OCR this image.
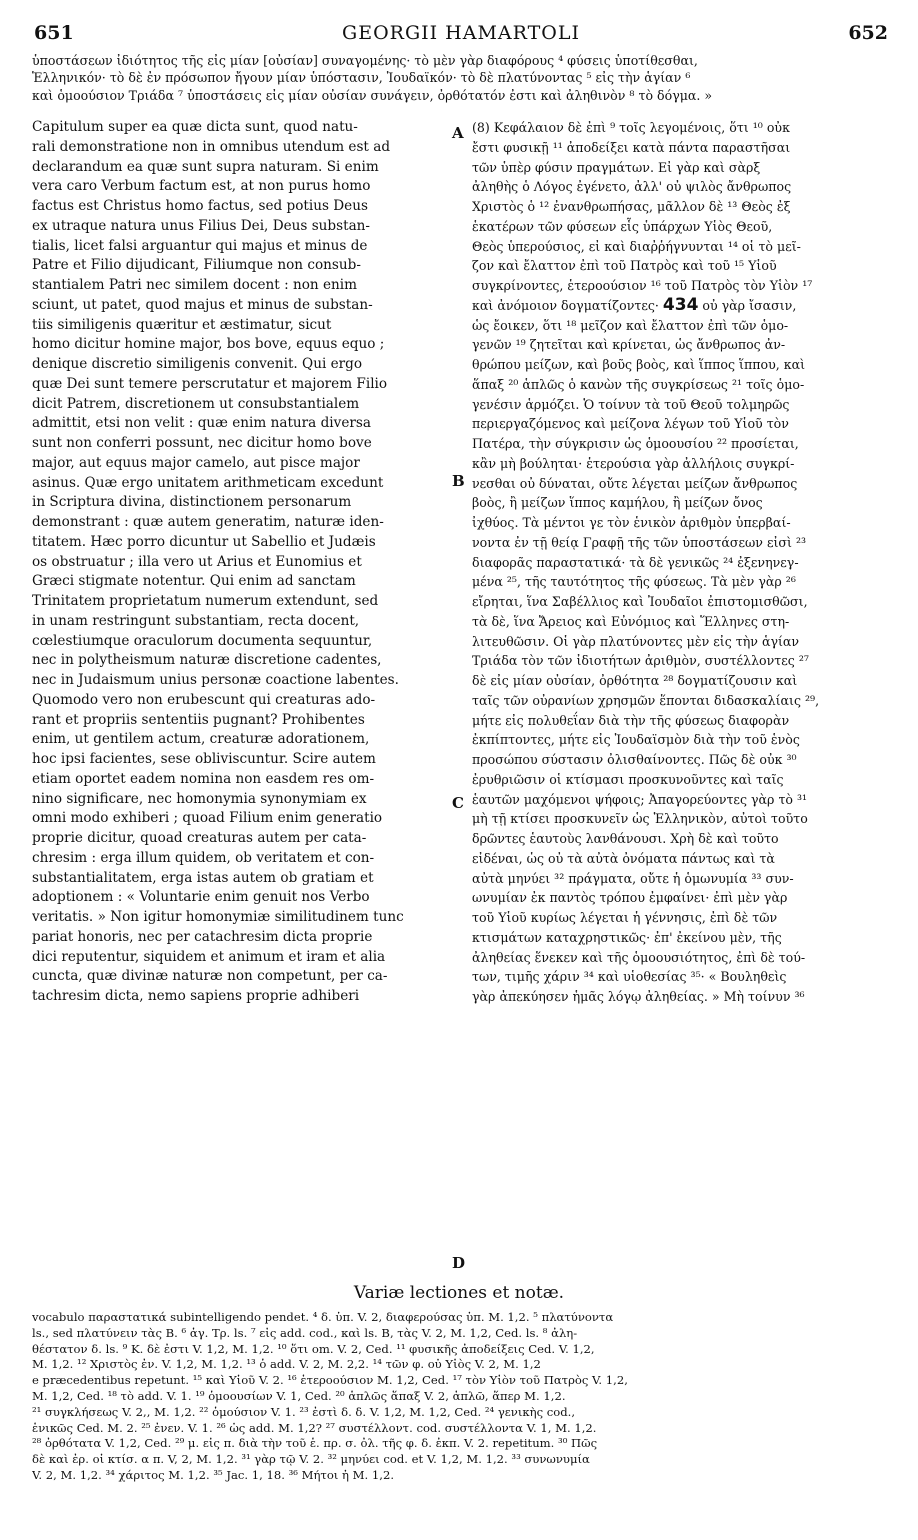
651	GEORGII HAMARTOLI	652
ὑποστάσεων ἰδιότητος τῆς εἰς μίαν [οὐσίαν] συναγομένης· τὸ μὲν γὰρ διαφόρους ⁴ φύσεις ὑποτίθεσθαι,
Ἑλληνικόν· τὸ δὲ ἐν πρόσωπον ἤγουν μίαν ὑπόστασιν, Ἰουδαϊκόν· τὸ δὲ πλατύνοντας ⁵ εἰς τὴν ἁγίαν ⁶
καὶ ὁμοούσιον Τριάδα ⁷ ὑποστάσεις εἰς μίαν οὐσίαν συνάγειν, ὀρθότατόν ἐστι καὶ ἀληθινὸν ⁸ τὸ δόγμα. »
A
B
C
D
Capitulum super ea quæ dicta sunt, quod natu-
rali demonstratione non in omnibus utendum est ad
declarandum ea quæ sunt supra naturam. Si enim
vera caro Verbum factum est, at non purus homo
factus est Christus homo factus, sed potius Deus
ex utraque natura unus Filius Dei, Deus substan-
tialis, licet falsi arguantur qui majus et minus de
Patre et Filio dijudicant, Filiumque non consub-
stantialem Patri nec similem docent : non enim
sciunt, ut patet, quod majus et minus de substan-
tiis similigenis quæritur et æstimatur, sicut
homo dicitur homine major, bos bove, equus equo ;
denique discretio similigenis convenit. Qui ergo
quæ Dei sunt temere perscrutatur et majorem Filio
dicit Patrem, discretionem ut consubstantialem
admittit, etsi non velit : quæ enim natura diversa
sunt non conferri possunt, nec dicitur homo bove
major, aut equus major camelo, aut pisce major
asinus. Quæ ergo unitatem arithmeticam excedunt
in Scriptura divina, distinctionem personarum
demonstrant : quæ autem generatim, naturæ iden-
titatem. Hæc porro dicuntur ut Sabellio et Judæis
os obstruatur ; illa vero ut Arius et Eunomius et
Græci stigmate notentur. Qui enim ad sanctam
Trinitatem proprietatum numerum extendunt, sed
in unam restringunt substantiam, recta docent,
cœlestiumque oraculorum documenta sequuntur,
nec in polytheismum naturæ discretione cadentes,
nec in Judaismum unius personæ coactione labentes.
Quomodo vero non erubescunt qui creaturas ado-
rant et propriis sententiis pugnant? Prohibentes
enim, ut gentilem actum, creaturæ adorationem,
hoc ipsi facientes, sese obliviscuntur. Scire autem
etiam oportet eadem nomina non easdem res om-
nino significare, nec homonymia synonymiam ex
omni modo exhiberi ; quoad Filium enim generatio
proprie dicitur, quoad creaturas autem per cata-
chresim : erga illum quidem, ob veritatem et con-
substantialitatem, erga istas autem ob gratiam et
adoptionem : « Voluntarie enim genuit nos Verbo
veritatis. » Non igitur homonymiæ similitudinem tunc
pariat honoris, nec per catachresim dicta proprie
dici reputentur, siquidem et animum et iram et alia
cuncta, quæ divinæ naturæ non competunt, per ca-
tachresim dicta, nemo sapiens proprie adhiberi
(8) Κεφάλαιον δὲ ἐπὶ ⁹ τοῖς λεγομένοις, ὅτι ¹⁰ οὐκ
ἔστι φυσικῇ ¹¹ ἀποδείξει κατὰ πάντα παραστῆσαι
τῶν ὑπὲρ φύσιν πραγμάτων. Εἰ γὰρ καὶ σὰρξ
ἀληθὴς ὁ Λόγος ἐγένετο, ἀλλ' οὐ ψιλὸς ἄνθρωπος
Χριστὸς ὁ ¹² ἐνανθρωπήσας, μᾶλλον δὲ ¹³ Θεὸς ἐξ
ἑκατέρων τῶν φύσεων εἷς ὑπάρχων Υἱὸς Θεοῦ,
Θεὸς ὑπερούσιος, εἰ καὶ διαῤῥήγνυνται ¹⁴ οἱ τὸ μεῖ-
ζον καὶ ἔλαττον ἐπὶ τοῦ Πατρὸς καὶ τοῦ ¹⁵ Υἱοῦ
συγκρίνοντες, ἑτεροούσιον ¹⁶ τοῦ Πατρὸς τὸν Υἱὸν ¹⁷
καὶ ἀνόμοιον δογματίζοντες· 434 οὐ γὰρ ἴσασιν,
ὡς ἔοικεν, ὅτι ¹⁸ μεῖζον καὶ ἔλαττον ἐπὶ τῶν ὁμο-
γενῶν ¹⁹ ζητεῖται καὶ κρίνεται, ὡς ἄνθρωπος ἀν-
θρώπου μείζων, καὶ βοῦς βοὸς, καὶ ἵππος ἵππου, καὶ
ἅπαξ ²⁰ ἁπλῶς ὁ κανὼν τῆς συγκρίσεως ²¹ τοῖς ὁμο-
γενέσιν ἁρμόζει. Ὁ τοίνυν τὰ τοῦ Θεοῦ τολμηρῶς
περιεργαζόμενος καὶ μείζονα λέγων τοῦ Υἱοῦ τὸν
Πατέρα, τὴν σύγκρισιν ὡς ὁμοουσίου ²² προσίεται,
κἂν μὴ βούληται· ἑτερούσια γὰρ ἀλλήλοις συγκρί-
νεσθαι οὐ δύναται, οὔτε λέγεται μείζων ἄνθρωπος
βοὸς, ἢ μείζων ἵππος καμήλου, ἢ μείζων ὄνος
ἰχθύος. Τὰ μέντοι γε τὸν ἑνικὸν ἀριθμὸν ὑπερβαί-
νοντα ἐν τῇ θείᾳ Γραφῇ τῆς τῶν ὑποστάσεων εἰσὶ ²³
διαφορᾶς παραστατικά· τὰ δὲ γενικῶς ²⁴ ἐξενηνεγ-
μένα ²⁵, τῆς ταυτότητος τῆς φύσεως. Τὰ μὲν γὰρ ²⁶
εἴρηται, ἵνα Σαβέλλιος καὶ Ἰουδαῖοι ἐπιστομισθῶσι,
τὰ δὲ, ἵνα Ἄρειος καὶ Εὐνόμιος καὶ Ἕλληνες στη-
λιτευθῶσιν. Οἱ γὰρ πλατύνοντες μὲν εἰς τὴν ἁγίαν
Τριάδα τὸν τῶν ἰδιοτήτων ἀριθμὸν, συστέλλοντες ²⁷
δὲ εἰς μίαν οὐσίαν, ὀρθότητα ²⁸ δογματίζουσιν καὶ
ταῖς τῶν οὐρανίων χρησμῶν ἕπονται διδασκαλίαις ²⁹,
μήτε εἰς πολυθεΐαν διὰ τὴν τῆς φύσεως διαφορὰν
ἐκπίπτοντες, μήτε εἰς Ἰουδαϊσμὸν διὰ τὴν τοῦ ἑνὸς
προσώπου σύστασιν ὀλισθαίνοντες. Πῶς δὲ οὐκ ³⁰
ἐρυθριῶσιν οἱ κτίσμασι προσκυνοῦντες καὶ ταῖς
ἑαυτῶν μαχόμενοι ψήφοις; Ἀπαγορεύοντες γὰρ τὸ ³¹
μὴ τῇ κτίσει προσκυνεῖν ὡς Ἑλληνικὸν, αὐτοὶ τοῦτο
δρῶντες ἑαυτοὺς λανθάνουσι. Χρὴ δὲ καὶ τοῦτο
εἰδέναι, ὡς οὐ τὰ αὐτὰ ὀνόματα πάντως καὶ τὰ
αὐτὰ μηνύει ³² πράγματα, οὔτε ἡ ὁμωνυμία ³³ συν-
ωνυμίαν ἐκ παντὸς τρόπου ἐμφαίνει· ἐπὶ μὲν γὰρ
τοῦ Υἱοῦ κυρίως λέγεται ἡ γέννησις, ἐπὶ δὲ τῶν
κτισμάτων καταχρηστικῶς· ἐπ' ἐκείνου μὲν, τῆς
ἀληθείας ἕνεκεν καὶ τῆς ὁμοουσιότητος, ἐπὶ δὲ τού-
των, τιμῆς χάριν ³⁴ καὶ υἱοθεσίας ³⁵· « Βουληθεὶς
γὰρ ἀπεκύησεν ἡμᾶς λόγῳ ἀληθείας. » Μὴ τοίνυν ³⁶
Variæ lectiones et notæ.
vocabulo παραστατικά subintelligendo pendet. ⁴ δ. ὑπ. V. 2, διαφερούσας ὑπ. M. 1,2. ⁵ πλατύνοντα
ls., sed πλατύνειν τὰς B. ⁶ ἁγ. Τρ. ls. ⁷ εἰς add. cod., καὶ ls. B, τὰς V. 2, M. 1,2, Ced. ls. ⁸ ἀλη-
θέστατον δ. ls. ⁹ K. δὲ ἐστι V. 1,2, M. 1,2. ¹⁰ ὅτι om. V. 2, Ced. ¹¹ φυσικῆς ἀποδείξεις Ced. V. 1,2,
M. 1,2. ¹² Χριστὸς ἐν. V. 1,2, M. 1,2. ¹³ ὁ add. V. 2, M. 2,2. ¹⁴ τῶν φ. οὐ Υἱὸς V. 2, M. 1,2
e præcedentibus repetunt. ¹⁵ καὶ Υἱοῦ V. 2. ¹⁶ ἑτεροούσιον M. 1,2, Ced. ¹⁷ τὸν Υἱὸν τοῦ Πατρὸς V. 1,2,
M. 1,2, Ced. ¹⁸ τὸ add. V. 1. ¹⁹ ὁμοουσίων V. 1, Ced. ²⁰ ἁπλῶς ἅπαξ V. 2, ἁπλῶ, ἅπερ M. 1,2.
²¹ συγκλήσεως V. 2,, M. 1,2. ²² ὁμούσιον V. 1. ²³ ἐστὶ δ. δ. V. 1,2, M. 1,2, Ced. ²⁴ γενικὴς cod.,
ἑνικῶς Ced. M. 2. ²⁵ ἐνεν. V. 1. ²⁶ ὡς add. M. 1,2? ²⁷ συστέλλοντ. cod. συστέλλοντα V. 1, M. 1,2.
²⁸ ὀρθότατα V. 1,2, Ced. ²⁹ μ. εἰς π. διὰ τὴν τοῦ ἑ. πρ. σ. ὀλ. τῆς φ. δ. ἐκπ. V. 2. repetitum. ³⁰ Πῶς
δὲ καὶ ἐρ. οἱ κτίσ. α π. V, 2, M. 1,2. ³¹ γὰρ τῷ V. 2. ³² μηνύει cod. et V. 1,2, M. 1,2. ³³ συνωνυμία
V. 2, M. 1,2. ³⁴ χάριτος M. 1,2. ³⁵ Jac. 1, 18. ³⁶ Μήτοι ἡ M. 1,2.
